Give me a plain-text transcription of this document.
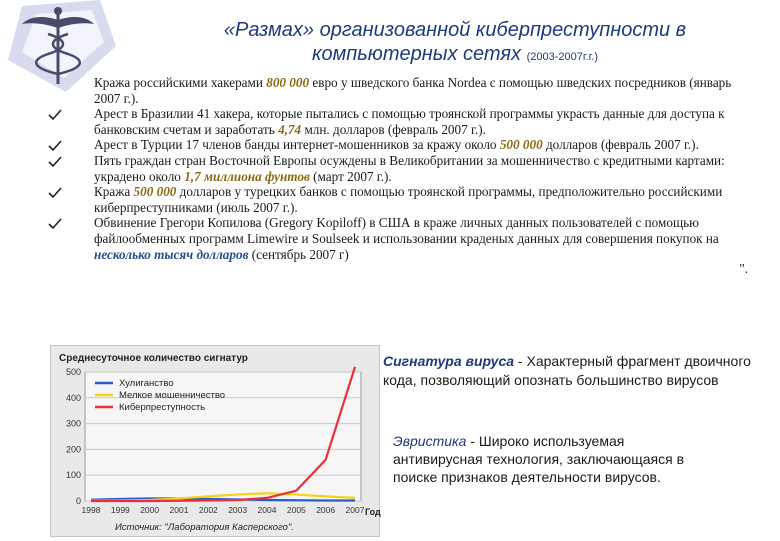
«Размах» организованной киберпреступности в
компьютерных сетях (2003-2007г.г.)
Кража российскими хакерами 800 000 евро у шведского банка Nordea с помощью шведских посредников (январь 2007 г.).
Арест в Бразилии 41 хакера, которые пытались с помощью троянской программы украсть данные для доступа к банковским счетам и заработать 4,74 млн. долларов (февраль 2007 г.).
Арест в Турции 17 членов банды интернет-мошенников за кражу около 500 000 долларов (февраль 2007 г.).
Пять граждан стран Восточной Европы осуждены в Великобритании за мошенничество с кредитными картами: украдено около 1,7 миллиона фунтов (март 2007 г.).
Кража 500 000 долларов у турецких банков с помощью троянской программы, предположительно российскими киберпреступниками (июль 2007 г.).
Обвинение Грегори Копилова (Gregory Kopiloff) в США в краже личных данных пользователей с помощью файлообменных программ Limewire и Soulseek и использовании краденых данных для совершения покупок на несколько тысяч долларов (сентябрь 2007 г)
".
Среднесуточное количество сигнатур
0
100
200
300
400
500
1998 1999 2000 2001 2002 2003 2004 2005 2006 2007 Год
Хулиганство
Мелкое мошенничество
Киберпреступность
Источник: "Лаборатория Касперского".
Сигнатура вируса - Характерный фрагмент двоичного кода, позволяющий опознать большинство вирусов
Эвристика - Широко используемая антивирусная технология, заключающаяся в поиске признаков деятельности вирусов.
